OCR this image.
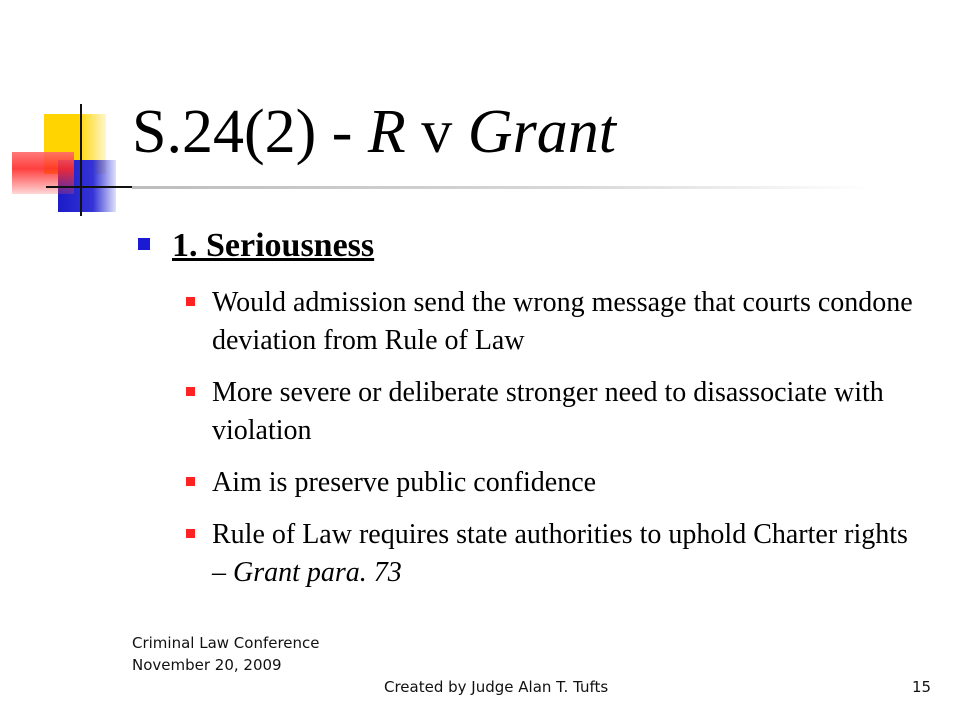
S.24(2) - R v Grant
1. Seriousness
Would admission send the wrong message that courts condone deviation from Rule of Law
More severe or deliberate stronger need to disassociate with violation
Aim is preserve public confidence
Rule of Law requires state authorities to uphold Charter rights – Grant para. 73
Criminal Law Conference
November 20, 2009
Created by Judge Alan T. Tufts	15
